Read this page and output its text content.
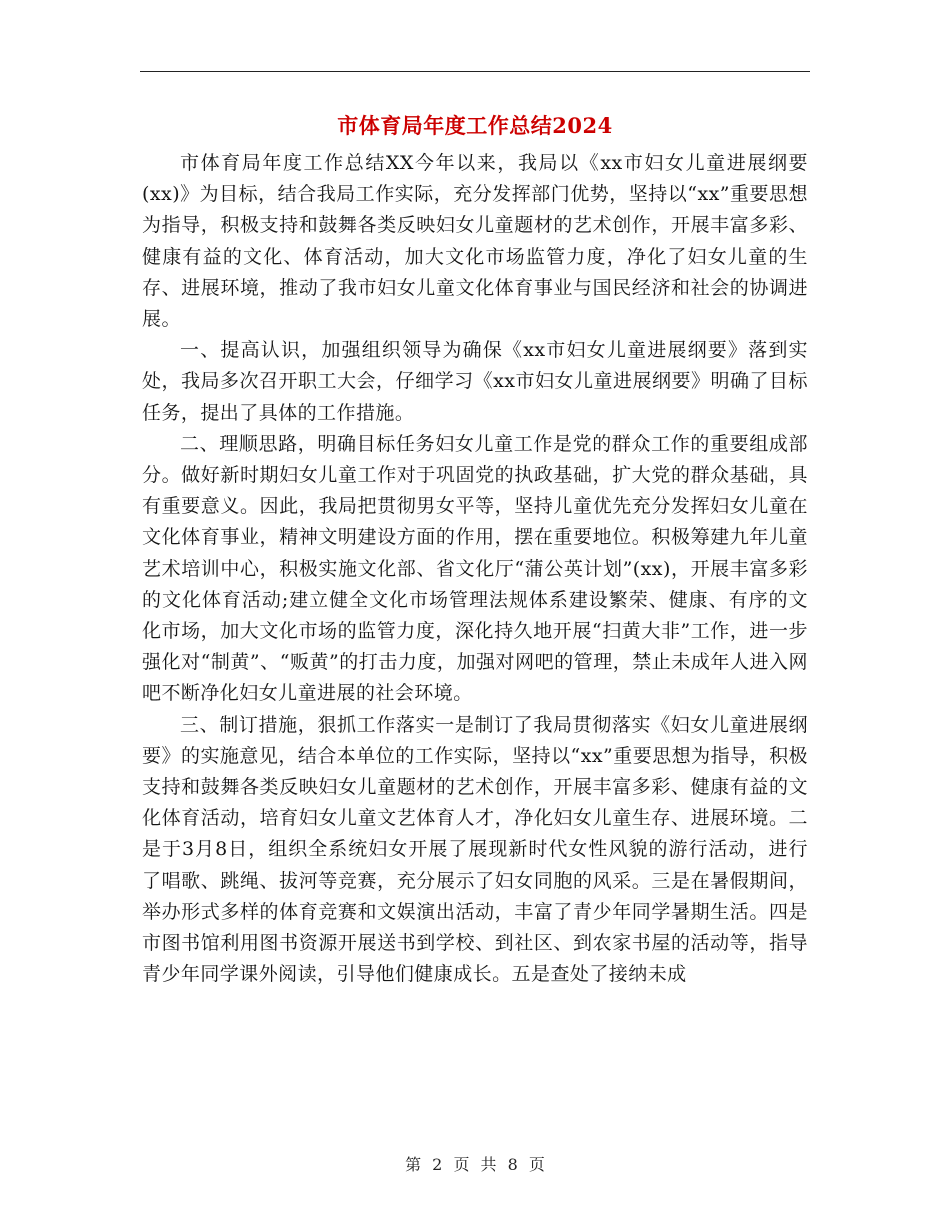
市体育局年度工作总结2024

市体育局年度工作总结XX今年以来，我局以《xx市妇女儿童进展纲要(xx)》为目标，结合我局工作实际，充分发挥部门优势，坚持以“xx”重要思想为指导，积极支持和鼓舞各类反映妇女儿童题材的艺术创作，开展丰富多彩、健康有益的文化、体育活动，加大文化市场监管力度，净化了妇女儿童的生存、进展环境，推动了我市妇女儿童文化体育事业与国民经济和社会的协调进展。

一、提高认识，加强组织领导为确保《xx市妇女儿童进展纲要》落到实处，我局多次召开职工大会，仔细学习《xx市妇女儿童进展纲要》明确了目标任务，提出了具体的工作措施。

二、理顺思路，明确目标任务妇女儿童工作是党的群众工作的重要组成部分。做好新时期妇女儿童工作对于巩固党的执政基础，扩大党的群众基础，具有重要意义。因此，我局把贯彻男女平等，坚持儿童优先充分发挥妇女儿童在文化体育事业，精神文明建设方面的作用，摆在重要地位。积极筹建九年儿童艺术培训中心，积极实施文化部、省文化厅“蒲公英计划”(xx)，开展丰富多彩的文化体育活动;建立健全文化市场管理法规体系建设繁荣、健康、有序的文化市场，加大文化市场的监管力度，深化持久地开展“扫黄大非”工作，进一步强化对“制黄”、“贩黄”的打击力度，加强对网吧的管理，禁止未成年人进入网吧不断净化妇女儿童进展的社会环境。

三、制订措施，狠抓工作落实一是制订了我局贯彻落实《妇女儿童进展纲要》的实施意见，结合本单位的工作实际，坚持以“xx”重要思想为指导，积极支持和鼓舞各类反映妇女儿童题材的艺术创作，开展丰富多彩、健康有益的文化体育活动，培育妇女儿童文艺体育人才，净化妇女儿童生存、进展环境。二是于3月8日，组织全系统妇女开展了展现新时代女性风貌的游行活动，进行了唱歌、跳绳、拔河等竞赛，充分展示了妇女同胞的风采。三是在暑假期间，举办形式多样的体育竞赛和文娱演出活动，丰富了青少年同学暑期生活。四是市图书馆利用图书资源开展送书到学校、到社区、到农家书屋的活动等，指导青少年同学课外阅读，引导他们健康成长。五是查处了接纳未成

第 2 页 共 8 页
